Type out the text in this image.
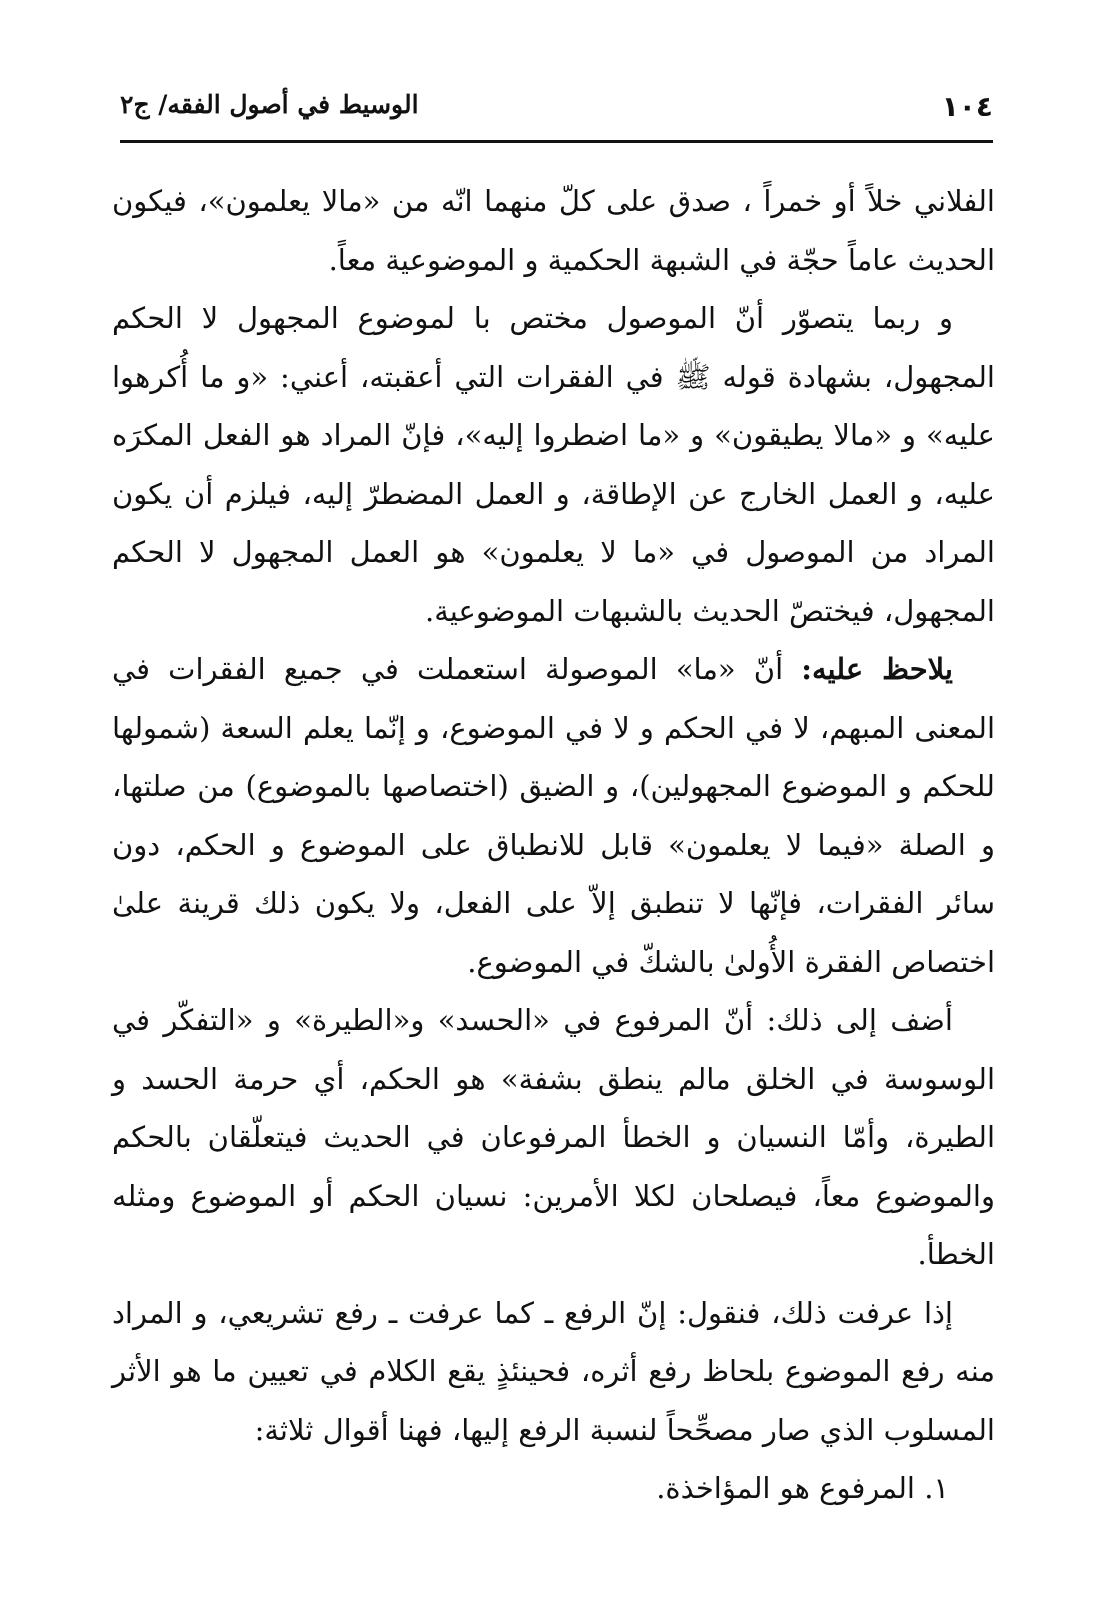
١٠٤
الوسيط في أصول الفقه/ ج٢

الفلاني خلاً أو خمراً ، صدق على كلّ منهما انّه من «مالا يعلمون»، فيكون الحديث عاماً حجّة في الشبهة الحكمية و الموضوعية معاً.

و ربما يتصوّر أنّ الموصول مختص با لموضوع المجهول لا الحكم المجهول، بشهادة قوله ﷺ في الفقرات التي أعقبته، أعني: «و ما أُكرهوا عليه» و «مالا يطيقون» و «ما اضطروا إليه»، فإنّ المراد هو الفعل المكرَه عليه، و العمل الخارج عن الإطاقة، و العمل المضطرّ إليه، فيلزم أن يكون المراد من الموصول في «ما لا يعلمون» هو العمل المجهول لا الحكم المجهول، فيختصّ الحديث بالشبهات الموضوعية.

يلاحظ عليه: أنّ «ما» الموصولة استعملت في جميع الفقرات في المعنى المبهم، لا في الحكم و لا في الموضوع، و إنّما يعلم السعة (شمولها للحكم و الموضوع المجهولين)، و الضيق (اختصاصها بالموضوع) من صلتها، و الصلة «فيما لا يعلمون» قابل للانطباق على الموضوع و الحكم، دون سائر الفقرات، فإنّها لا تنطبق إلاّ على الفعل، ولا يكون ذلك قرينة علىٰ اختصاص الفقرة الأُولىٰ بالشكّ في الموضوع.

أضف إلى ذلك: أنّ المرفوع في «الحسد» و«الطيرة» و «التفكّر في الوسوسة في الخلق مالم ينطق بشفة» هو الحكم، أي حرمة الحسد و الطيرة، وأمّا النسيان و الخطأ المرفوعان في الحديث فيتعلّقان بالحكم والموضوع معاً، فيصلحان لكلا الأمرين: نسيان الحكم أو الموضوع ومثله الخطأ.

إذا عرفت ذلك، فنقول: إنّ الرفع ـ كما عرفت ـ رفع تشريعي، و المراد منه رفع الموضوع بلحاظ رفع أثره، فحينئذٍ يقع الكلام في تعيين ما هو الأثر المسلوب الذي صار مصحِّحاً لنسبة الرفع إليها، فهنا أقوال ثلاثة:

١. المرفوع هو المؤاخذة.
